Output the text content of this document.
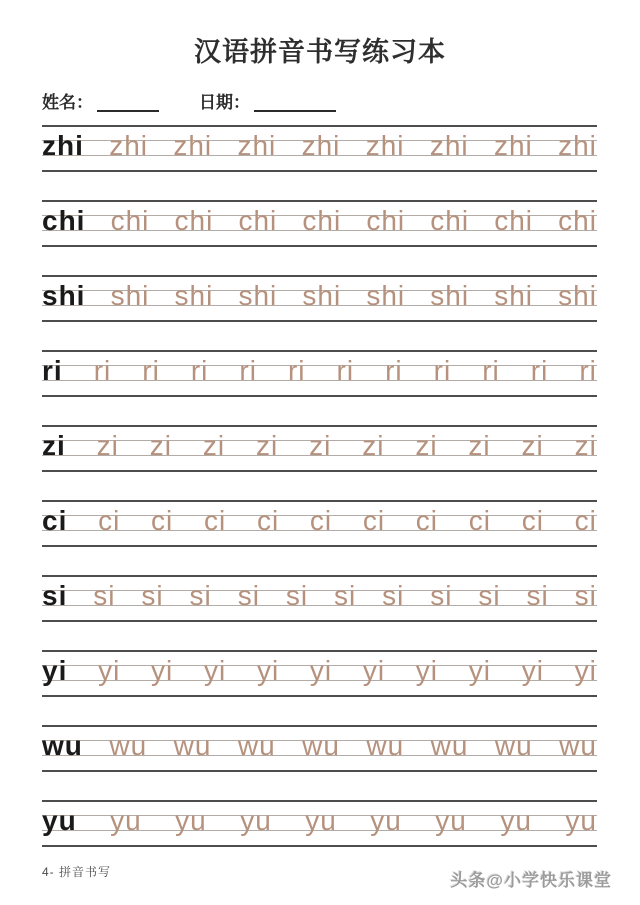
汉语拼音书写练习本
姓名：	日期：
zhi zhi zhi zhi zhi zhi zhi zhi zhi
chi chi chi chi chi chi chi chi chi
shi shi shi shi shi shi shi shi shi
ri ri ri ri ri ri ri ri ri ri ri ri
zi zi zi zi zi zi zi zi zi zi zi
ci ci ci ci ci ci ci ci ci ci ci
si si si si si si si si si si si si
yi yi yi yi yi yi yi yi yi yi yi
wu wu wu wu wu wu wu wu wu
yu yu yu yu yu yu yu yu yu
4- 拼音书写	头条@小学快乐课堂
